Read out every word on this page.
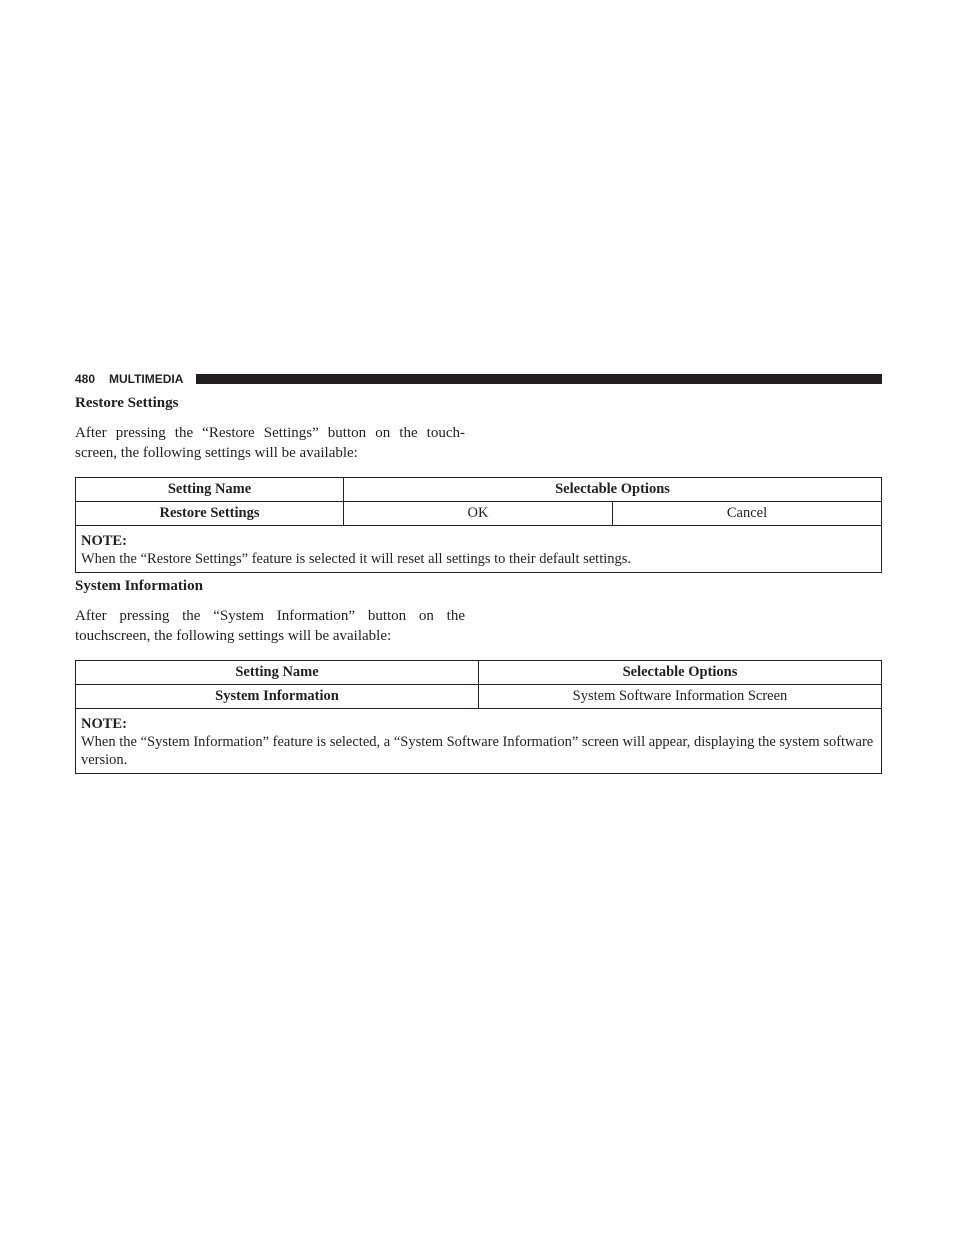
480 MULTIMEDIA
Restore Settings

After pressing the “Restore Settings” button on the touch-
screen, the following settings will be available:

Setting Name	Selectable Options	
Restore Settings	OK	Cancel

NOTE:
When the “Restore Settings” feature is selected it will reset all settings to their default settings.		
System Information

After pressing the “System Information” button on the
touchscreen, the following settings will be available:

Setting Name	Selectable Options
System Information	System Software Information Screen

NOTE:
When the “System Information” feature is selected, a “System Software Information” screen will appear, displaying the system software version.	
